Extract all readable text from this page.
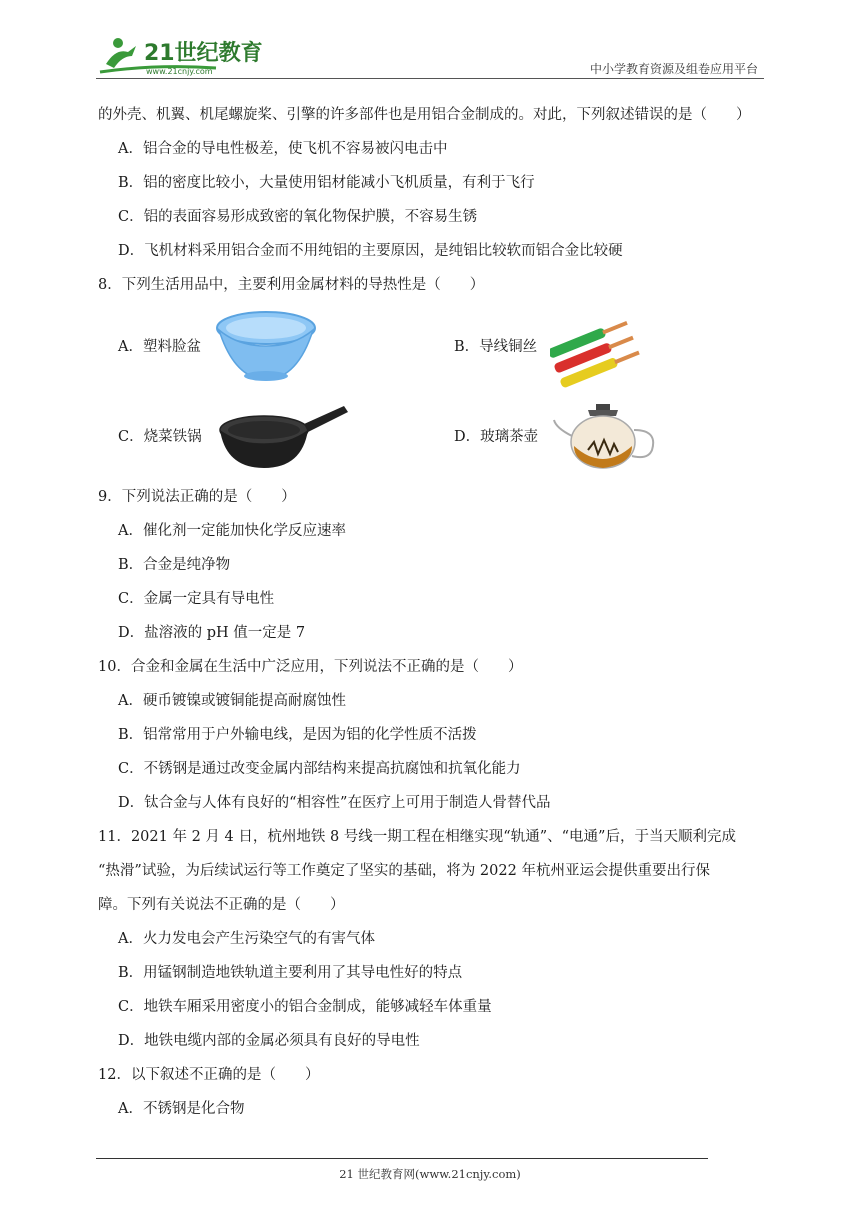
21世纪教育
www.21cnjy.com	中小学教育资源及组卷应用平台
的外壳、机翼、机尾螺旋桨、引擎的许多部件也是用铝合金制成的。对此，下列叙述错误的是（　　）
A．铝合金的导电性极差，使飞机不容易被闪电击中
B．铝的密度比较小，大量使用铝材能减小飞机质量，有利于飞行
C．铝的表面容易形成致密的氧化物保护膜，不容易生锈
D．飞机材料采用铝合金而不用纯铝的主要原因，是纯铝比较软而铝合金比较硬
8．下列生活用品中，主要利用金属材料的导热性是（　　）
A．塑料脸盆	B．导线铜丝
C．烧菜铁锅	D．玻璃茶壶
9．下列说法正确的是（　　）
A．催化剂一定能加快化学反应速率
B．合金是纯净物
C．金属一定具有导电性
D．盐溶液的 pH 值一定是 7
10．合金和金属在生活中广泛应用，下列说法不正确的是（　　）
A．硬币镀镍或镀铜能提高耐腐蚀性
B．铝常常用于户外输电线，是因为铝的化学性质不活拨
C．不锈钢是通过改变金属内部结构来提高抗腐蚀和抗氧化能力
D．钛合金与人体有良好的“相容性”在医疗上可用于制造人骨替代品
11．2021 年 2 月 4 日，杭州地铁 8 号线一期工程在相继实现“轨通”、“电通”后，于当天顺利完成
“热滑”试验，为后续试运行等工作奠定了坚实的基础，将为 2022 年杭州亚运会提供重要出行保
障。下列有关说法不正确的是（　　）
A．火力发电会产生污染空气的有害气体
B．用锰钢制造地铁轨道主要利用了其导电性好的特点
C．地铁车厢采用密度小的铝合金制成，能够减轻车体重量
D．地铁电缆内部的金属必须具有良好的导电性
12．以下叙述不正确的是（　　）
A．不锈钢是化合物
21 世纪教育网(www.21cnjy.com)
